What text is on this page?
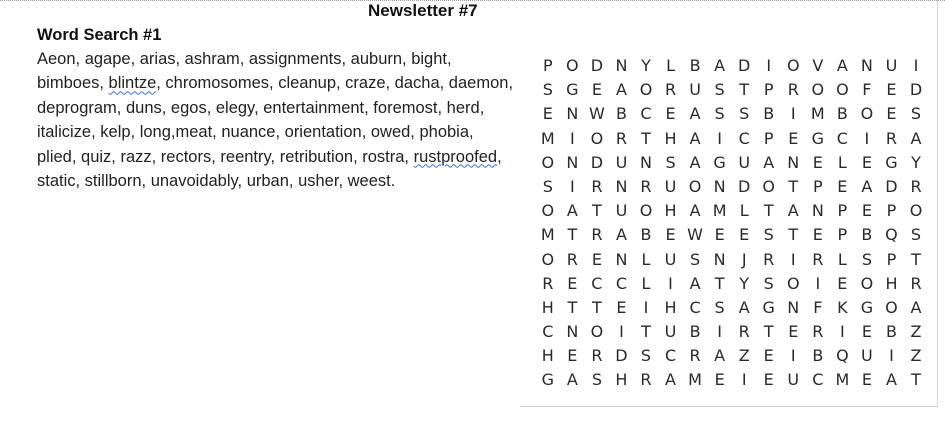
Newsletter #7
Word Search #1
Aeon, agape, arias, ashram, assignments, auburn, bight, bimboes, blintze, chromosomes, cleanup, craze, dacha, daemon, deprogram, duns, egos, elegy, entertainment, foremost, herd, italicize, kelp, long,meat, nuance, orientation, owed, phobia, plied, quiz, razz, rectors, reentry, retribution, rostra, rustproofed, static, stillborn, unavoidably, urban, usher, weest.
P O D N Y L B A D	I O V A N U	I
S G E A O R U S T P R O O F E D
E N W B C E A S S B	I M B O E S
M I O R T H A	I	C P E G C	I	R A
O N D U N S A G U A N E L E G Y
S	I	R N R U O N D O T P E A D R
O A T U O H A M L T A N P E P O
M T R A B E W E E S T E P B Q S
O R E N L U S N	J	R	I	R L S P T
R E C C L	I	A T Y S O I	E O H R
H T T E	I	H C S A G N F K G O A
C N O I	T U B	I	R T E R	I	E B Z
H E R D S C R A Z E	I	B Q U	I	Z
G A S H R A M E	I	E U C M E A T
